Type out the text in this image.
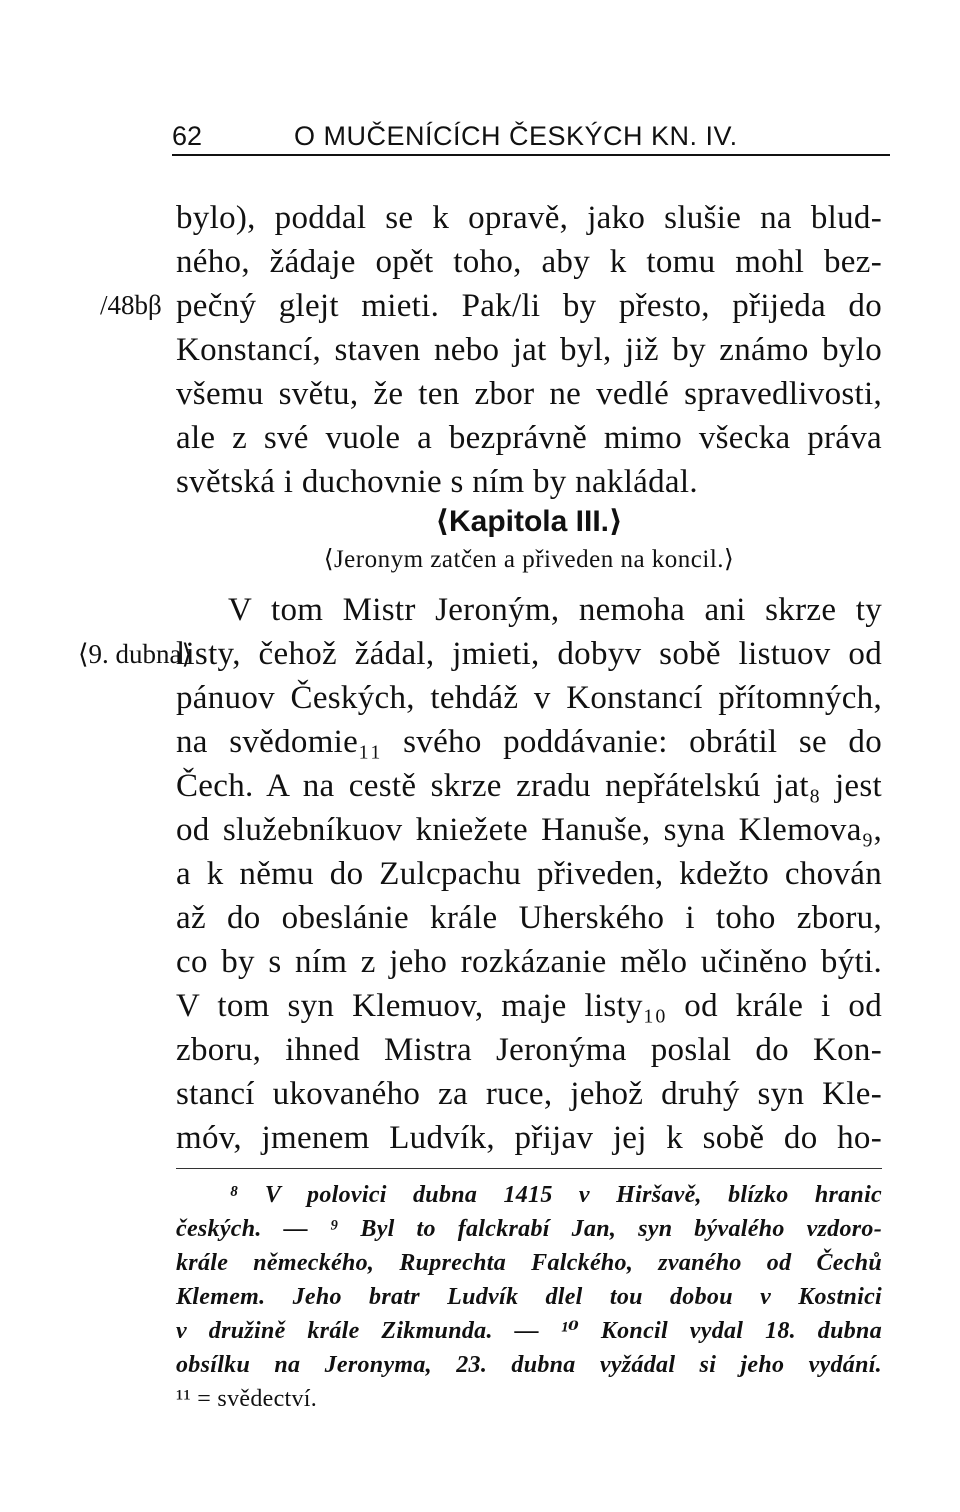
62	O MUČENÍCÍCH ČESKÝCH KN. IV.
/48bβ
bylo), poddal se k opravě, jako slušie na blud-
ného, žádaje opět toho, aby k tomu mohl bez-
pečný glejt mieti. Pak/li by přesto, přijeda do
Konstancí, staven nebo jat byl, již by známo bylo
všemu světu, že ten zbor ne vedlé spravedlivosti,
ale z své vuole a bezprávně mimo všecka práva
světská i duchovnie s ním by nakládal.
⟨Kapitola III.⟩
⟨Jeronym zatčen a přiveden na koncil.⟩
⟨9. dubna⟩
V tom Mistr Jeroným, nemoha ani skrze ty
listy, čehož žádal, jmieti, dobyv sobě listuov od
pánuov Českých, tehdáž v Konstancí přítomných,
na svědomie₁₁ svého poddávanie: obrátil se do
Čech. A na cestě skrze zradu nepřátelskú jat₈ jest
od služebníkuov kniežete Hanuše, syna Klemova₉,
a k němu do Zulcpachu přiveden, kdežto chován
až do obeslánie krále Uherského i toho zboru,
co by s ním z jeho rozkázanie mělo učiněno býti.
V tom syn Klemuov, maje listy₁₀ od krále i od
zboru, ihned Mistra Jeronýma poslal do Kon-
stancí ukovaného za ruce, jehož druhý syn Kle-
móv, jmenem Ludvík, přijav jej k sobě do ho-
⁸ V polovici dubna 1415 v Hiršavě, blízko hranic
českých. — ⁹ Byl to falckrabí Jan, syn bývalého vzdoro-
krále německého, Ruprechta Falckého, zvaného od Čechů
Klemem. Jeho bratr Ludvík dlel tou dobou v Kostnici
v družině krále Zikmunda. — ¹⁰ Koncil vydal 18. dubna
obsílku na Jeronyma, 23. dubna vyžádal si jeho vydání.
¹¹ = svědectví.
